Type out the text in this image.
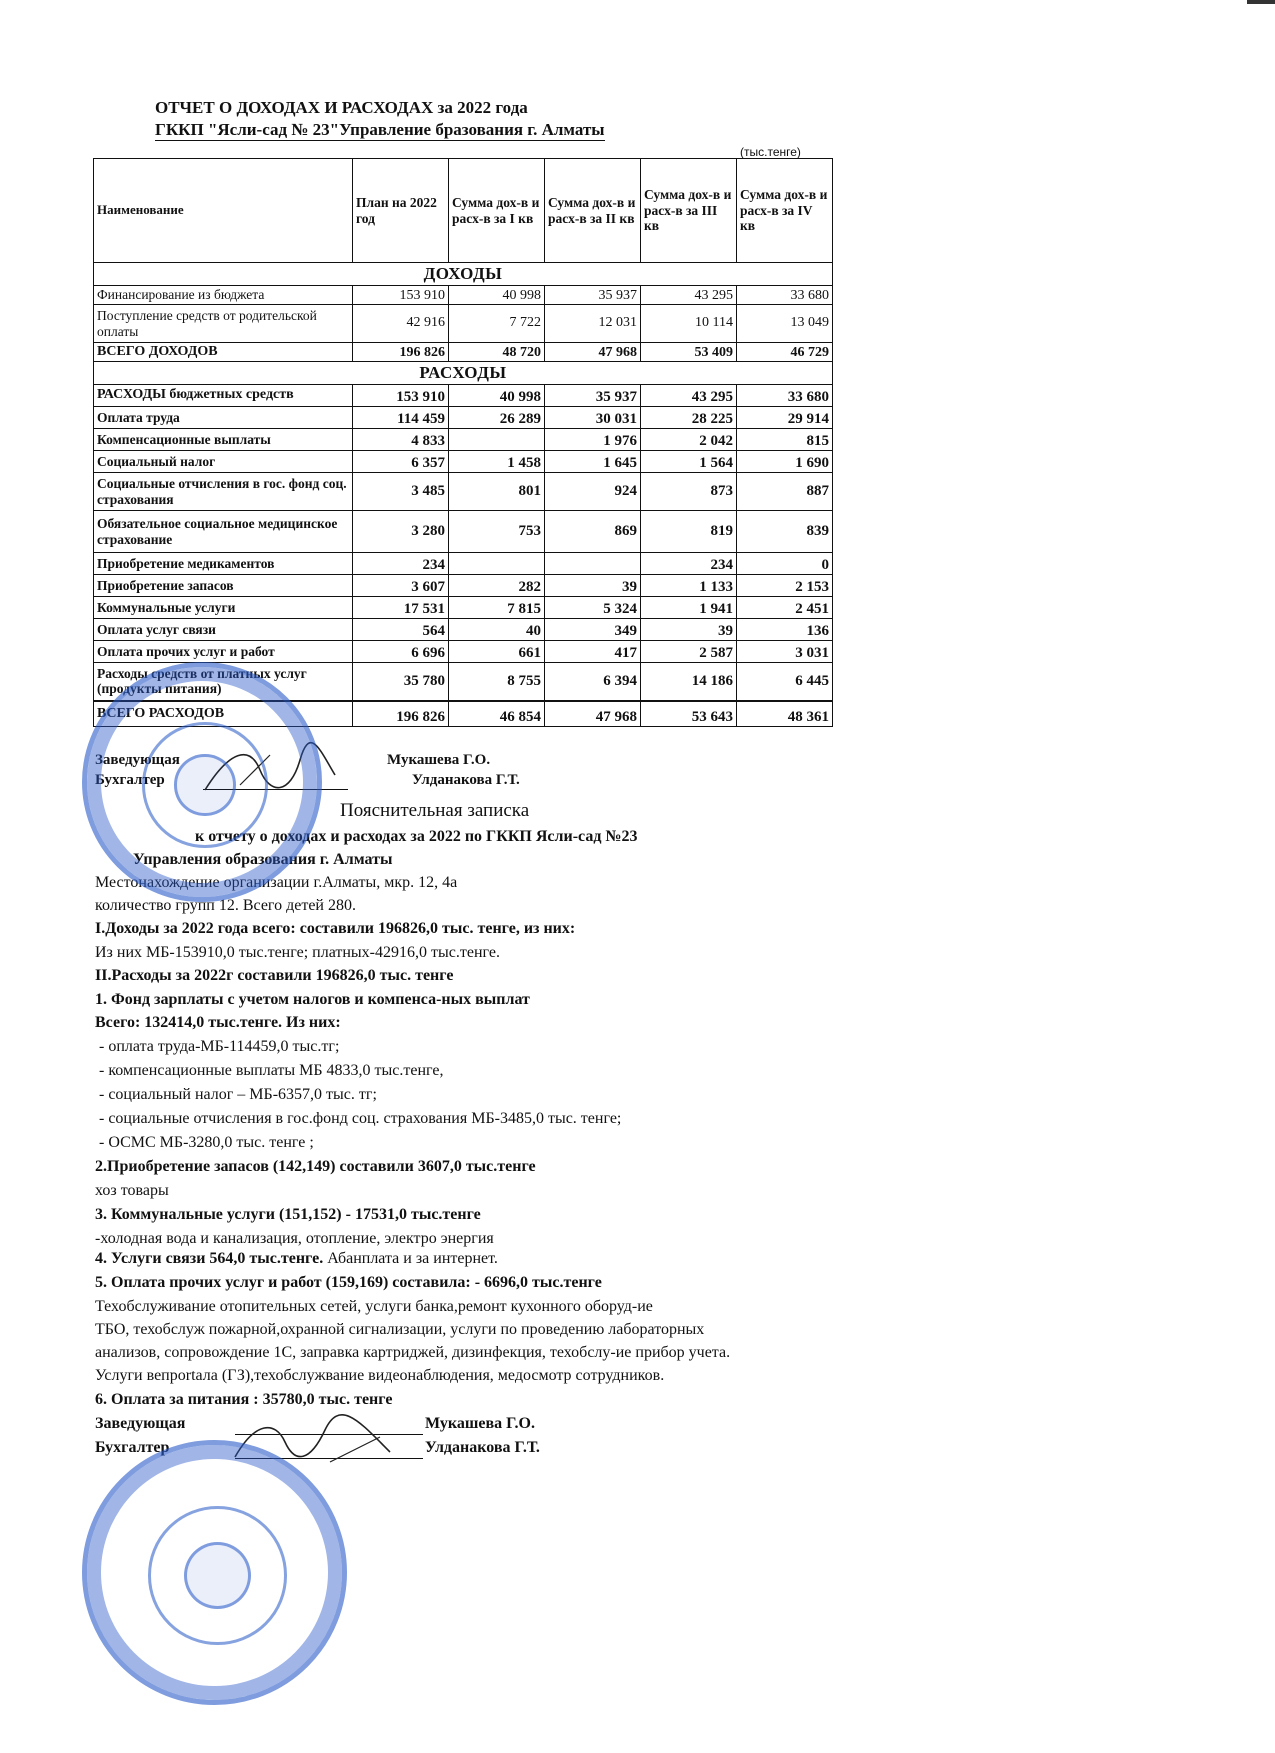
ОТЧЕТ О ДОХОДАХ И РАСХОДАХ за 2022 года
ГККП "Ясли-сад № 23"Управление бразования г. Алматы
(тыс.тенге)
Наименование	План на 2022 год	Сумма дох-в и расх-в за I кв	Сумма дох-в и расх-в за II кв	Сумма дох-в и расх-в за III кв	Сумма дох-в и расх-в за IV кв
ДОХОДЫ					
Финансирование из бюджета	153 910	40 998	35 937	43 295	33 680
Поступление средств от родительской оплаты	42 916	7 722	12 031	10 114	13 049
ВСЕГО ДОХОДОВ	196 826	48 720	47 968	53 409	46 729
РАСХОДЫ					
РАСХОДЫ бюджетных средств	153 910	40 998	35 937	43 295	33 680
Оплата труда	114 459	26 289	30 031	28 225	29 914
Компенсационные выплаты	4 833		1 976	2 042	815
Социальный налог	6 357	1 458	1 645	1 564	1 690
Социальные отчисления в гос. фонд соц. страхования	3 485	801	924	873	887
Обязательное социальное медицинское страхование	3 280	753	869	819	839
Приобретение медикаментов	234			234	0
Приобретение запасов	3 607	282	39	1 133	2 153
Коммунальные услуги	17 531	7 815	5 324	1 941	2 451
Оплата услуг связи	564	40	349	39	136
Оплата прочих услуг и работ	6 696	661	417	2 587	3 031
Расходы средств от платных услуг (продукты питания)	35 780	8 755	6 394	14 186	6 445
ВСЕГО РАСХОДОВ	196 826	46 854	47 968	53 643	48 361
Заведующая	Мукашева Г.О.
Бухгалтер	Улданакова Г.Т.
Пояснительная записка
к отчету о доходах и расходах за 2022 по ГККП Ясли-сад №23
Управления образования г. Алматы
Местонахождение организации г.Алматы, мкр. 12, 4а
количество групп 12. Всего детей 280.
I.Доходы за 2022 года всего: составили 196826,0 тыс. тенге, из них:
Из них МБ-153910,0 тыс.тенге; платных-42916,0 тыс.тенге.
II.Расходы за 2022г составили 196826,0 тыс. тенге
1. Фонд зарплаты с учетом налогов и компенса-ных выплат
Всего: 132414,0 тыс.тенге. Из них:
- оплата труда-МБ-114459,0 тыс.тг;
- компенсационные выплаты МБ 4833,0 тыс.тенге,
- социальный налог – МБ-6357,0 тыс. тг;
- социальные отчисления в гос.фонд соц. страхования МБ-3485,0 тыс. тенге;
- ОСМС МБ-3280,0 тыс. тенге ;
2.Приобретение запасов (142,149) составили 3607,0 тыс.тенге
хоз товары
3. Коммунальные услуги (151,152) - 17531,0 тыс.тенге
-холодная вода и канализация, отопление, электро энергия
4. Услуги связи 564,0 тыс.тенге. Абанплата и за интернет.
5. Оплата прочих услуг и работ (159,169) составила: - 6696,0 тыс.тенге
Техобслуживание отопительных сетей, услуги банка,ремонт кухонного оборуд-ие
ТБО, техобслуж пожарной,охранной сигнализации, услуги по проведению лабораторных
анализов, сопровождение 1С, заправка картриджей, дизинфекция, техобслу-ие прибор учета.
Услуги вепportала (ГЗ),техобслужвание видеонаблюдения, медосмотр сотрудников.
6. Оплата за питания : 35780,0 тыс. тенге
Заведующая	Мукашева Г.О.
Бухгалтер	Улданакова Г.Т.
